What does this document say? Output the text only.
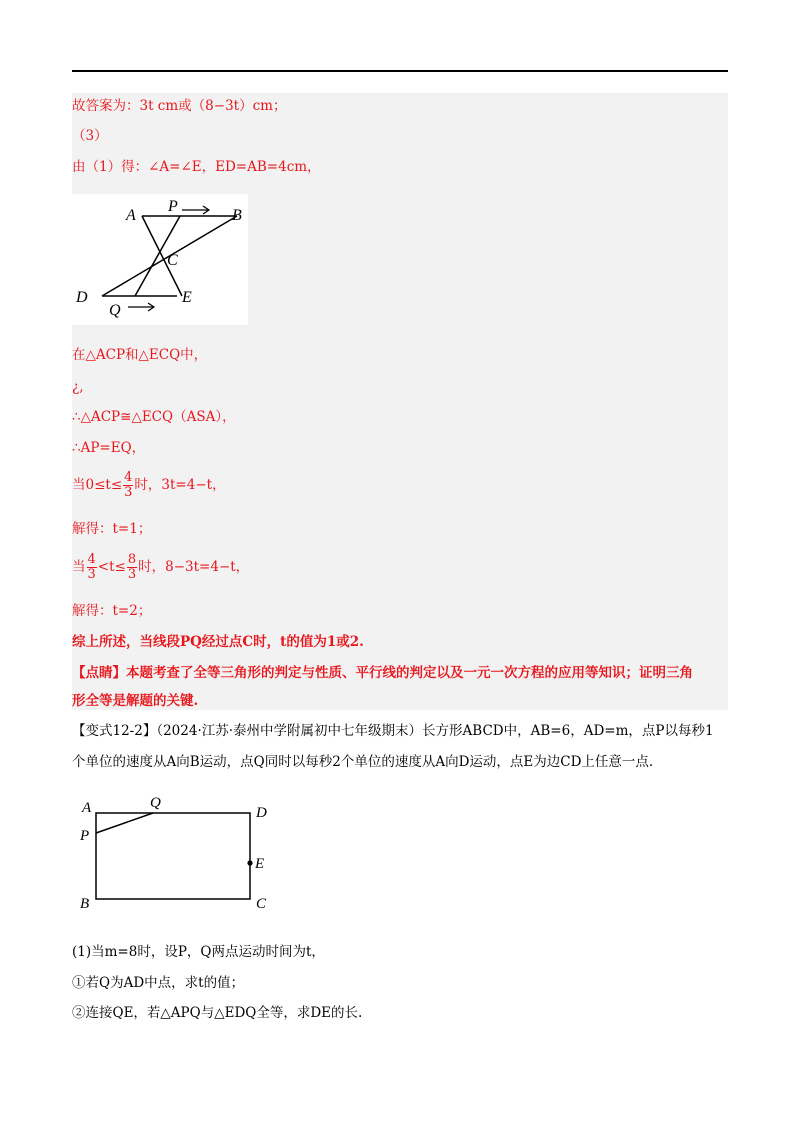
故答案为：3t cm或（8−3t）cm；
（3）
由（1）得：∠A=∠E，ED=AB=4cm，
A
P
B
C
D
Q
E
在△ACP和△ECQ中，
¿,
∴△ACP≅△ECQ（ASA），
∴AP=EQ，
当$0\le t\le \frac{4}{3}$ 时，3t=4−t，
解得：t=1；
当 $\frac{4}{3} <t\le \frac{8}{3}$ 时，8−3t=4−t，
解得：t=2；
综上所述，当线段PQ经过点C时，t的值为1或2.
【点睛】本题考查了全等三角形的判定与性质、平行线的判定以及一元一次方程的应用等知识；证明三角
形全等是解题的关键.
【变式12-2】（2024·江苏·泰州中学附属初中七年级期末）长方形ABCD中，AB=6，AD=m，点P以每秒1
个单位的速度从A向B运动，点Q同时以每秒2个单位的速度从A向D运动，点E为边CD上任意一点.
A	Q
D
P
E
B	C
(1)当m=8时，设P，Q两点运动时间为t，
①若Q为AD中点，求t的值；
②连接QE，若△APQ与△EDQ全等，求DE的长.
